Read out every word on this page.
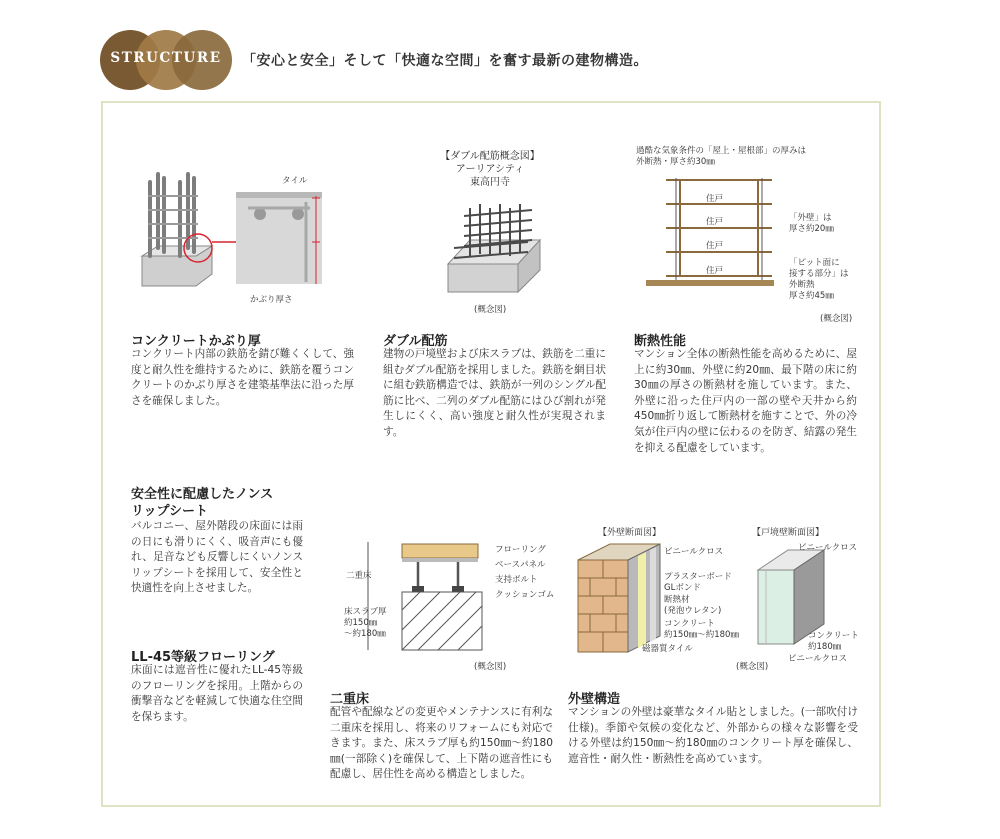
STRUCTURE	「安心と安全」そして「快適な空間」を奮す最新の建物構造。
タイル
かぶり厚さ
コンクリートかぶり厚
コンクリート内部の鉄筋を錆び難くくして、強度と耐久性を維持するために、鉄筋を覆うコンクリートのかぶり厚さを建築基準法に沿った厚さを確保しました。
【ダブル配筋概念図】
アーリアシティ
東高円寺
(概念図)
ダブル配筋
建物の戸境壁および床スラブは、鉄筋を二重に組むダブル配筋を採用しました。鉄筋を網目状に組む鉄筋構造では、鉄筋が一列のシングル配筋に比べ、二列のダブル配筋にはひび割れが発生しにくく、高い強度と耐久性が実現されます。
過酷な気象条件の「屋上・屋根部」の厚みは
外断熱・厚さ約30㎜
住戸
住戸
住戸
住戸
「外壁」は
厚さ約20㎜
「ピット面に
接する部分」は
外断熱
厚さ約45㎜
(概念図)
断熱性能
マンション全体の断熱性能を高めるために、屋上に約30㎜、外壁に約20㎜、最下階の床に約30㎜の厚さの断熱材を施しています。また、外壁に沿った住戸内の一部の壁や天井から約450㎜折り返して断熱材を施すことで、外の冷気が住戸内の壁に伝わるのを防ぎ、結露の発生を抑える配慮をしています。
安全性に配慮したノンスリップシート
バルコニー、屋外階段の床面には雨の日にも滑りにくく、吸音声にも優れ、足音なども反響しにくいノンスリップシートを採用して、安全性と快適性を向上させました。
LL-45等級フローリング
床面には遮音性に優れたLL-45等級のフローリングを採用。上階からの衝撃音などを軽減して快適な住空間を保ちます。
フローリング
ベースパネル
支持ボルト
クッションゴム
二重床
床スラブ厚
約150㎜
～約180㎜
(概念図)
二重床
配管や配線などの変更やメンテナンスに有利な二重床を採用し、将来のリフォームにも対応できます。また、床スラブ厚も約150㎜～約180㎜(一部除く)を確保して、上下階の遮音性にも配慮し、居住性を高める構造としました。
【外壁断面図】
ビニールクロス
プラスターボード
GLボンド
断熱材
(発泡ウレタン)
コンクリート
約150㎜～約180㎜
磁器質タイル
【戸境壁断面図】
ビニールクロス
コンクリート
約180㎜
ビニールクロス
(概念図)
外壁構造
マンションの外壁は豪華なタイル貼としました。(一部吹付け仕様)。季節や気候の変化など、外部からの様々な影響を受ける外壁は約150㎜～約180㎜のコンクリート厚を確保し、遮音性・耐久性・断熱性を高めています。
